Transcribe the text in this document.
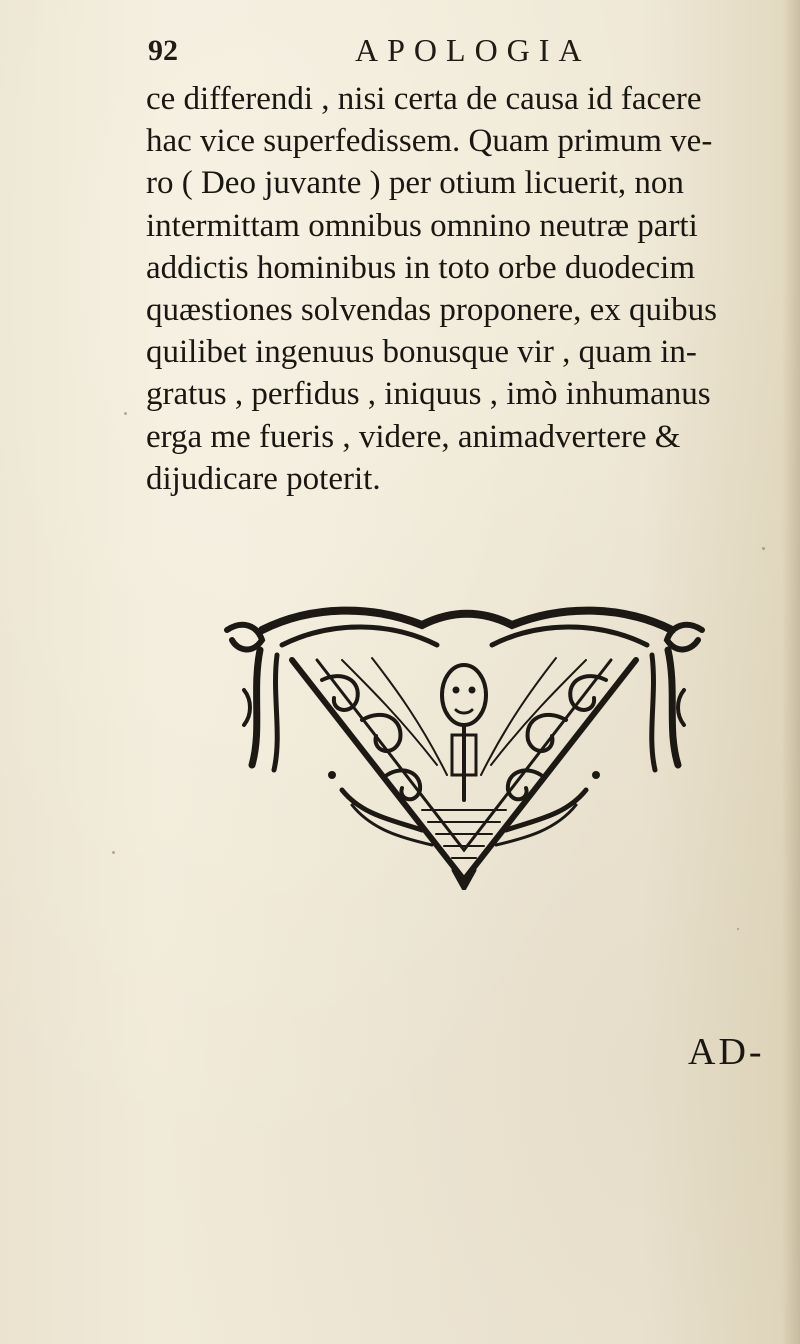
92	APOLOGIA
ce differendi , nisi certa de causa id facere
hac vice superfedissem. Quam primum ve-
ro ( Deo juvante ) per otium licuerit, non
intermittam omnibus omnino neutræ parti
addictis hominibus in toto orbe duodecim
quæstiones solvendas proponere, ex quibus
quilibet ingenuus bonusque vir , quam in-
gratus , perfidus , iniquus , imò inhumanus
erga me fueris , videre, animadvertere &
dijudicare poterit.
AD-
